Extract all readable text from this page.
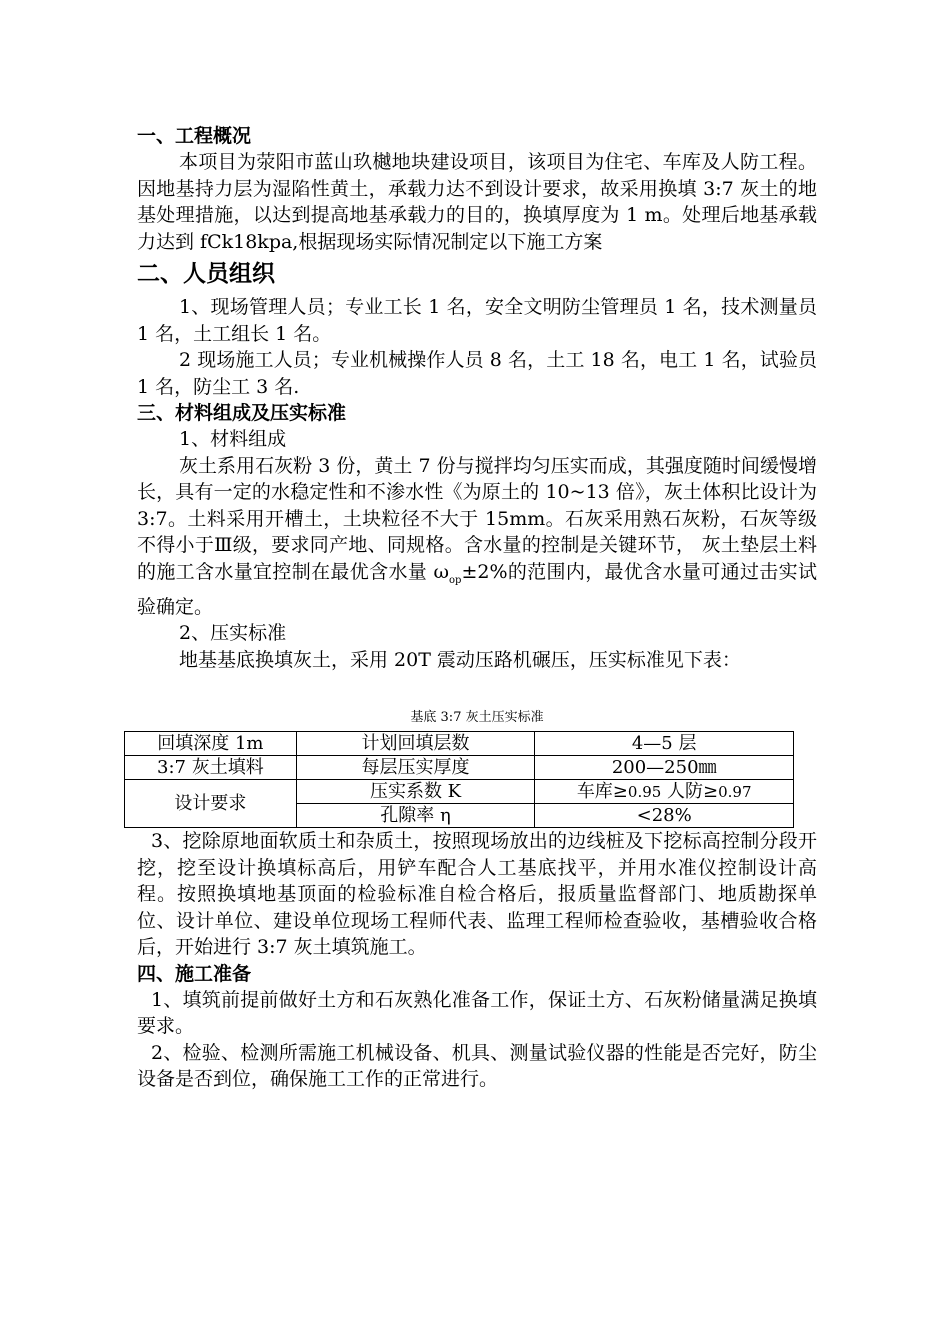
一、工程概况

本项目为荥阳市蓝山玖樾地块建设项目，该项目为住宅、车库及人防工程。因地基持力层为湿陷性黄土，承载力达不到设计要求，故采用换填 3:7 灰土的地基处理措施，以达到提高地基承载力的目的，换填厚度为 1 m。处理后地基承载力达到 fⅭk18kpa,根据现场实际情况制定以下施工方案

二、人员组织

1、现场管理人员；专业工长 1 名，安全文明防尘管理员 1 名，技术测量员 1 名，土工组长 1 名。

2 现场施工人员；专业机械操作人员 8 名，土工 18 名，电工 1 名，试验员 1 名，防尘工 3 名.

三、材料组成及压实标准

1、材料组成

灰土系用石灰粉 3 份，黄土 7 份与搅拌均匀压实而成，其强度随时间缓慢增长，具有一定的水稳定性和不渗水性《为原土的 10~13 倍》，灰土体积比设计为 3:7。土料采用开槽土，土块粒径不大于 15mm。石灰采用熟石灰粉，石灰等级不得小于Ⅲ级，要求同产地、同规格。含水量的控制是关键环节， 灰土垫层土料的施工含水量宜控制在最优含水量 $\omega_{op}\pm 2\%$的范围内，最优含水量可通过击实试验确定。

2、压实标准

地基基底换填灰土，采用 20T 震动压路机碾压，压实标准见下表：

基底 3:7 灰土压实标准

回填深度 1m	计划回填层数	4—5 层
3:7 灰土填料	每层压实厚度	200—250㎜
设计要求	压实系数 K	车库≥0.95 人防≥0.97
	孔隙率 η	<28%

3、挖除原地面软质土和杂质土，按照现场放出的边线桩及下挖标高控制分段开挖，挖至设计换填标高后，用铲车配合人工基底找平，并用水准仪控制设计高程。按照换填地基顶面的检验标准自检合格后，报质量监督部门、地质勘探单位、设计单位、建设单位现场工程师代表、监理工程师检查验收，基槽验收合格后，开始进行 3:7 灰土填筑施工。

四、施工准备

1、填筑前提前做好土方和石灰熟化准备工作，保证土方、石灰粉储量满足换填要求。

2、检验、检测所需施工机械设备、机具、测量试验仪器的性能是否完好，防尘设备是否到位，确保施工工作的正常进行。
